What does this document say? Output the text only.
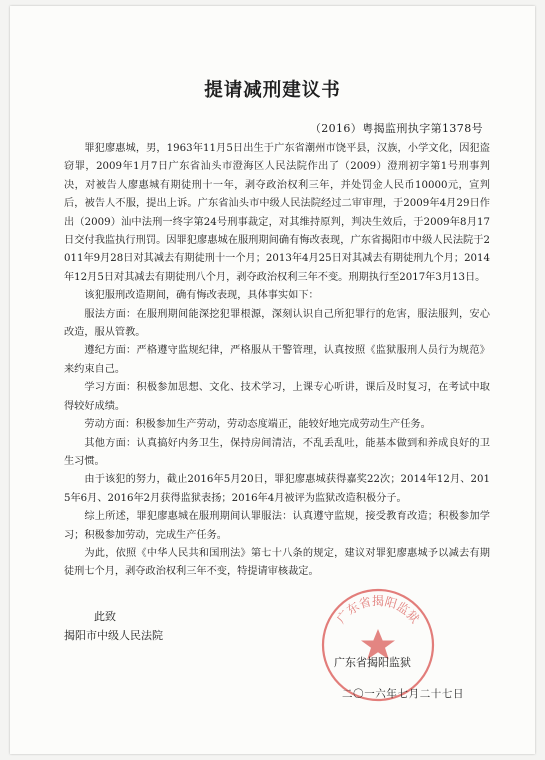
提请减刑建议书
（2016）粤揭监刑执字第1378号

罪犯廖惠城，男，1963年11月5日出生于广东省潮州市饶平县，汉族，小学文化，因犯盗窃罪，2009年1月7日广东省汕头市澄海区人民法院作出了（2009）澄刑初字第1号刑事判决，对被告人廖惠城有期徒刑十一年，剥夺政治权利三年，并处罚金人民币10000元，宣判后，被告人不服，提出上诉。广东省汕头市中级人民法院经过二审审理，于2009年4月29日作出（2009）汕中法刑一终字第24号刑事裁定，对其维持原判，判决生效后，于2009年8月17日交付我监执行刑罚。因罪犯廖惠城在服刑期间确有悔改表现，广东省揭阳市中级人民法院于2011年9月28日对其减去有期徒刑十一个月；2013年4月25日对其减去有期徒刑九个月；2014年12月5日对其减去有期徒刑八个月，剥夺政治权利三年不变。刑期执行至2017年3月13日。

该犯服刑改造期间，确有悔改表现，具体事实如下：

服法方面：在服刑期间能深挖犯罪根源，深刻认识自己所犯罪行的危害，服法服判，安心改造，服从管教。

遵纪方面：严格遵守监规纪律，严格服从干警管理，认真按照《监狱服刑人员行为规范》来约束自己。

学习方面：积极参加思想、文化、技术学习，上课专心听讲，课后及时复习，在考试中取得较好成绩。

劳动方面：积极参加生产劳动，劳动态度端正，能较好地完成劳动生产任务。

其他方面：认真搞好内务卫生，保持房间清洁，不乱丢乱吐，能基本做到和养成良好的卫生习惯。

由于该犯的努力，截止2016年5月20日，罪犯廖惠城获得嘉奖22次；2014年12月、2015年6月、2016年2月获得监狱表扬；2016年4月被评为监狱改造积极分子。

综上所述，罪犯廖惠城在服刑期间认罪服法：认真遵守监规，接受教育改造；积极参加学习；积极参加劳动，完成生产任务。

为此，依照《中华人民共和国刑法》第七十八条的规定，建议对罪犯廖惠城予以减去有期徒刑七个月，剥夺政治权利三年不变，特提请审核裁定。

此致
揭阳市中级人民法院
广东省揭阳监狱
广东省揭阳监狱
二〇一六年七月二十七日
